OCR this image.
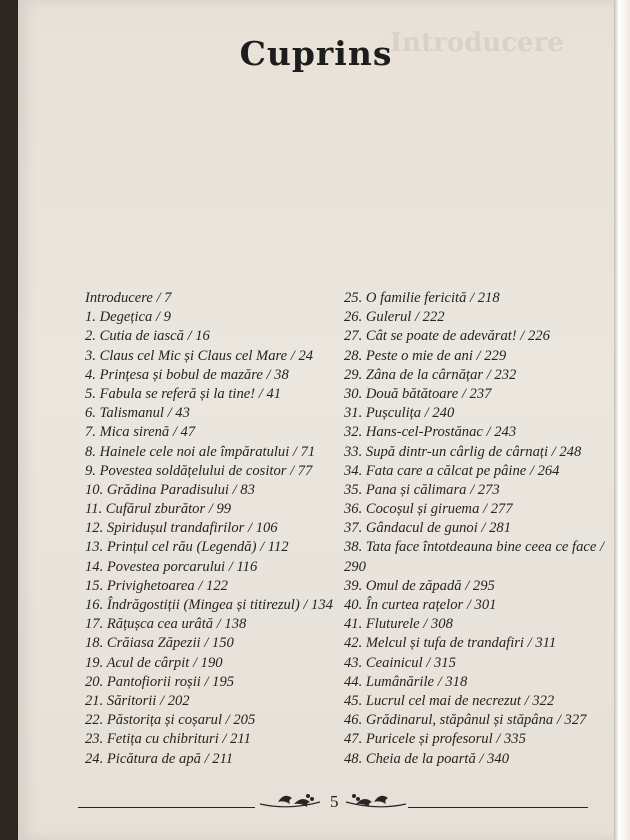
Introducere
Cuprins
Introducere / 7
1. Degețica / 9
2. Cutia de iască / 16
3. Claus cel Mic și Claus cel Mare / 24
4. Prințesa și bobul de mazăre / 38
5. Fabula se referă și la tine! / 41
6. Talismanul / 43
7. Mica sirenă / 47
8. Hainele cele noi ale împăratului / 71
9. Povestea soldățelului de cositor / 77
10. Grădina Paradisului / 83
11. Cufărul zburător / 99
12. Spiridușul trandafirilor / 106
13. Prințul cel rău (Legendă) / 112
14. Povestea porcarului / 116
15. Privighetoarea / 122
16. Îndrăgostiții (Mingea și titirezul) / 134
17. Rățușca cea urâtă / 138
18. Crăiasa Zăpezii / 150
19. Acul de cârpit / 190
20. Pantofiorii roșii / 195
21. Săritorii / 202
22. Păstorița și coșarul / 205
23. Fetița cu chibrituri / 211
24. Picătura de apă / 211
25. O familie fericită / 218
26. Gulerul / 222
27. Cât se poate de adevărat! / 226
28. Peste o mie de ani / 229
29. Zâna de la cârnățar / 232
30. Două bătătoare / 237
31. Pușculița / 240
32. Hans-cel-Prostănac / 243
33. Supă dintr-un cârlig de cârnați / 248
34. Fata care a călcat pe pâine / 264
35. Pana și călimara / 273
36. Cocoșul și giruета / 277
37. Gândacul de gunoi / 281
38. Tata face întotdeauna bine ceea ce face / 290
39. Omul de zăpadă / 295
40. În curtea rațelor / 301
41. Fluturele / 308
42. Melcul și tufa de trandafiri / 311
43. Ceainicul / 315
44. Lumânările / 318
45. Lucrul cel mai de necrezut / 322
46. Grădinarul, stăpânul și stăpâna / 327
47. Puricele și profesorul / 335
48. Cheia de la poartă / 340
5
